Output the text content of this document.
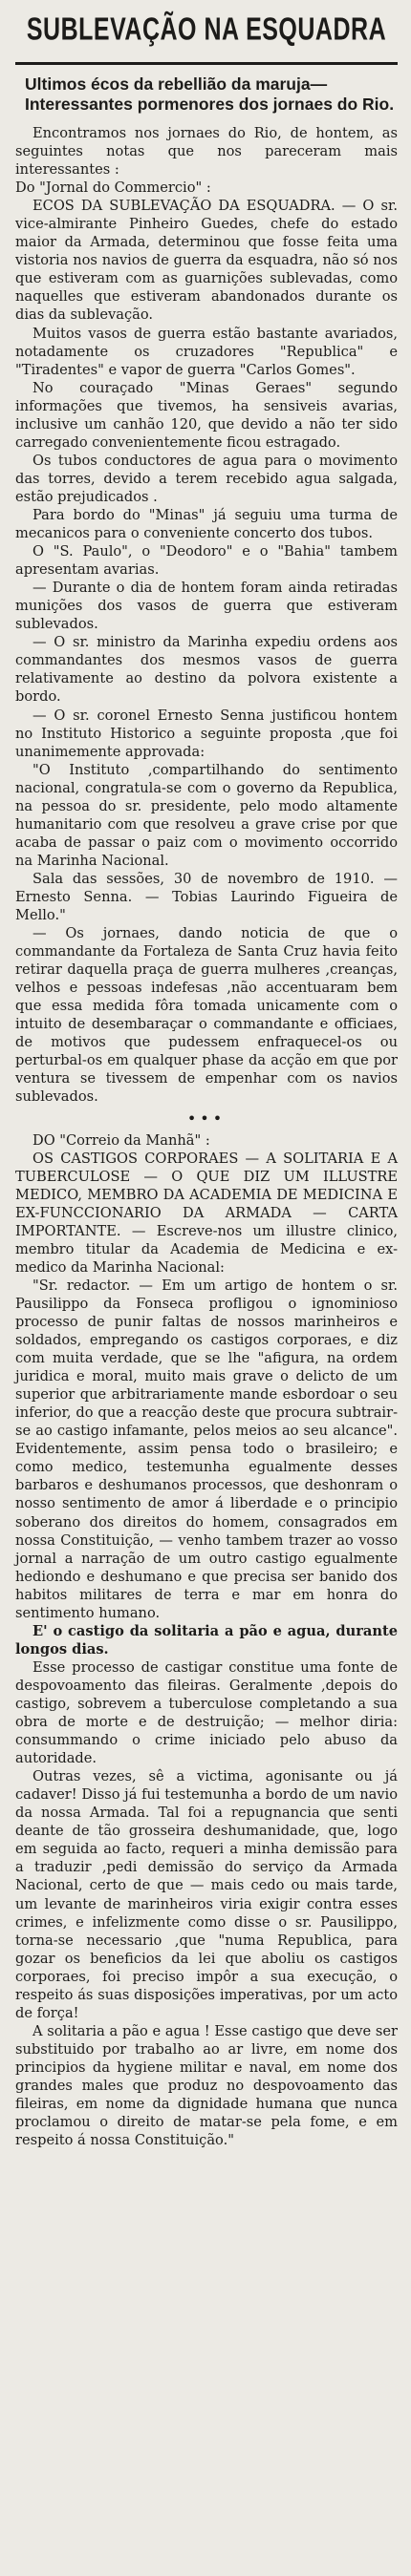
SUBLEVAÇÃO NA ESQUADRA
Ultimos écos da rebellião da maruja—Interessantes pormenores dos jornaes do Rio.

Encontramos nos jornaes do Rio, de hontem, as seguintes notas que nos pareceram mais interessantes :

Do "Jornal do Commercio" :

ECOS DA SUBLEVAÇÃO DA ESQUADRA. — O sr. vice-almirante Pinheiro Guedes, chefe do estado maior da Armada, determinou que fosse feita uma vistoria nos navios de guerra da esquadra, não só nos que estiveram com as guarnições sublevadas, como naquelles que estiveram abandonados durante os dias da sublevação.

Muitos vasos de guerra estão bastante avariados, notadamente os cruzadores "Republica" e "Tiradentes" e vapor de guerra "Carlos Gomes".

No couraçado "Minas Geraes" segundo informações que tivemos, ha sensiveis avarias, inclusive um canhão 120, que devido a não ter sido carregado convenientemente ficou estragado.

Os tubos conductores de agua para o movimento das torres, devido a terem recebido agua salgada, estão prejudicados .

Para bordo do "Minas" já seguiu uma turma de mecanicos para o conveniente concerto dos tubos.

O "S. Paulo", o "Deodoro" e o "Bahia" tambem apresentam avarias.

— Durante o dia de hontem foram ainda retiradas munições dos vasos de guerra que estiveram sublevados.

— O sr. ministro da Marinha expediu ordens aos commandantes dos mesmos vasos de guerra relativamente ao destino da polvora existente a bordo.

— O sr. coronel Ernesto Senna justificou hontem no Instituto Historico a seguinte proposta ,que foi unanimemente approvada:

"O Instituto ,compartilhando do sentimento nacional, congratula-se com o governo da Republica, na pessoa do sr. presidente, pelo modo altamente humanitario com que resolveu a grave crise por que acaba de passar o paiz com o movimento occorrido na Marinha Nacional.

Sala das sessões, 30 de novembro de 1910. — Ernesto Senna. — Tobias Laurindo Figueira de Mello."

— Os jornaes, dando noticia de que o commandante da Fortaleza de Santa Cruz havia feito retirar daquella praça de guerra mulheres ,creanças, velhos e pessoas indefesas ,não accentuaram bem que essa medida fôra tomada unicamente com o intuito de desembaraçar o commandante e officiaes, de motivos que pudessem enfraquecel-os ou perturbal-os em qualquer phase da acção em que por ventura se tivessem de empenhar com os navios sublevados.

•••

DO "Correio da Manhã" :

OS CASTIGOS CORPORAES — A SOLITARIA E A TUBERCULOSE — O QUE DIZ UM ILLUSTRE MEDICO, MEMBRO DA ACADEMIA DE MEDICINA E EX-FUNCCIONARIO DA ARMADA — CARTA IMPORTANTE. — Escreve-nos um illustre clinico, membro titular da Academia de Medicina e ex-medico da Marinha Nacional:

"Sr. redactor. — Em um artigo de hontem o sr. Pausilippo da Fonseca profligou o ignominioso processo de punir faltas de nossos marinheiros e soldados, empregando os castigos corporaes, e diz com muita verdade, que se lhe "afigura, na ordem juridica e moral, muito mais grave o delicto de um superior que arbitrariamente mande esbordoar o seu inferior, do que a reacção deste que procura subtrair-se ao castigo infamante, pelos meios ao seu alcance". Evidentemente, assim pensa todo o brasileiro; e como medico, testemunha egualmente desses barbaros e deshumanos processos, que deshonram o nosso sentimento de amor á liberdade e o principio soberano dos direitos do homem, consagrados em nossa Constituição, — venho tambem trazer ao vosso jornal a narração de um outro castigo egualmente hediondo e deshumano e que precisa ser banido dos habitos militares de terra e mar em honra do sentimento humano.

E' o castigo da solitaria a pão e agua, durante longos dias.

Esse processo de castigar constitue uma fonte de despovoamento das fileiras. Geralmente ,depois do castigo, sobrevem a tuberculose completando a sua obra de morte e de destruição; — melhor diria: consummando o crime iniciado pelo abuso da autoridade.

Outras vezes, sê a victima, agonisante ou já cadaver! Disso já fui testemunha a bordo de um navio da nossa Armada. Tal foi a repugnancia que senti deante de tão grosseira deshumanidade, que, logo em seguida ao facto, requeri a minha demissão para a traduzir ,pedi demissão do serviço da Armada Nacional, certo de que — mais cedo ou mais tarde, um levante de marinheiros viria exigir contra esses crimes, e infelizmente como disse o sr. Pausilippo, torna-se necessario ,que "numa Republica, para gozar os beneficios da lei que aboliu os castigos corporaes, foi preciso impôr a sua execução, o respeito ás suas disposições imperativas, por um acto de força!

A solitaria a pão e agua ! Esse castigo que deve ser substituido por trabalho ao ar livre, em nome dos principios da hygiene militar e naval, em nome dos grandes males que produz no despovoamento das fileiras, em nome da dignidade humana que nunca proclamou o direito de matar-se pela fome, e em respeito á nossa Constituição."
